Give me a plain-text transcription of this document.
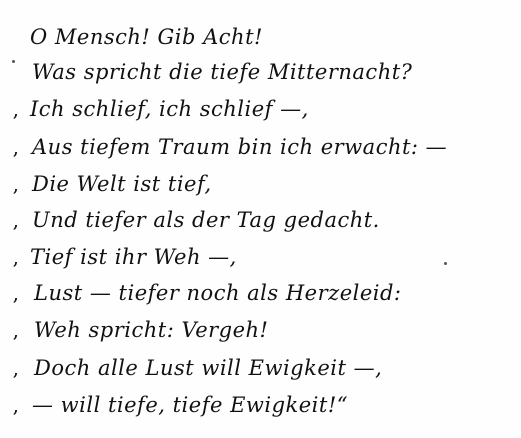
O Mensch! Gib Acht!
Was spricht die tiefe Mitternacht?
, Ich schlief, ich schlief —,
, Aus tiefem Traum bin ich erwacht: —
, Die Welt ist tief,
, Und tiefer als der Tag gedacht.
, Tief ist ihr Weh —,
, Lust — tiefer noch als Herzeleid:
, Weh spricht: Vergeh!
, Doch alle Lust will Ewigkeit —,
, — will tiefe, tiefe Ewigkeit!“
